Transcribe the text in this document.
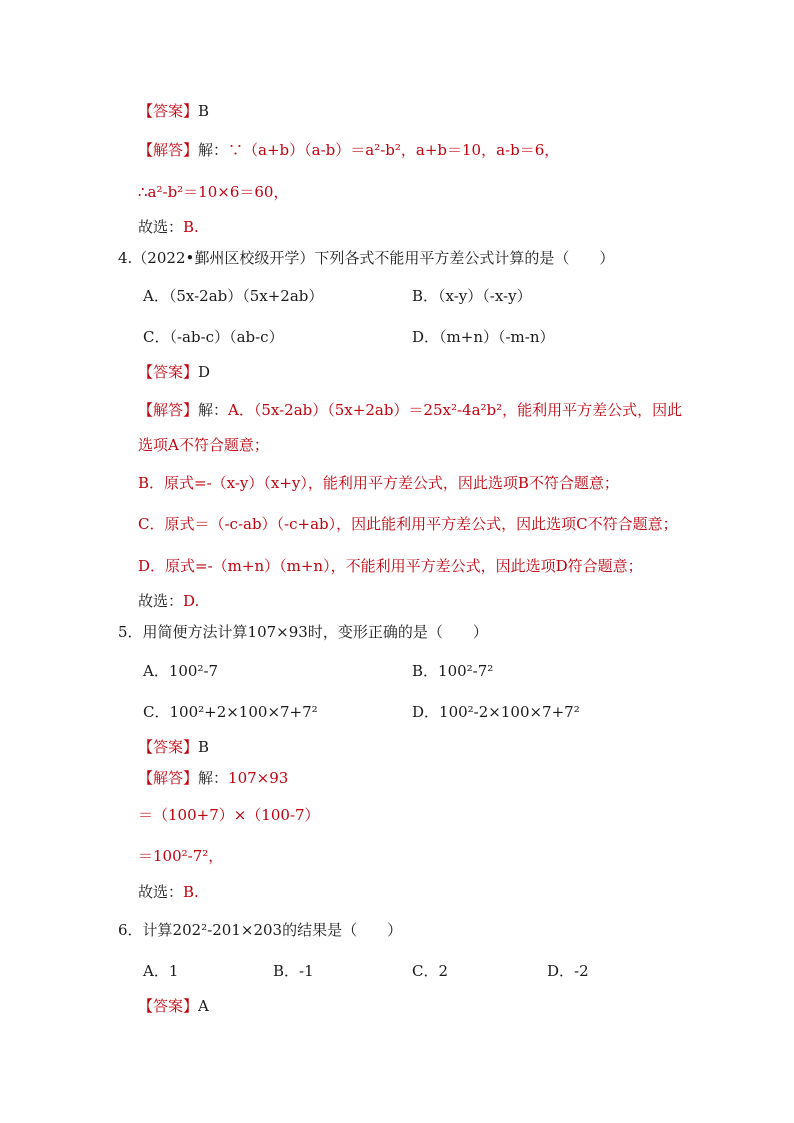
【答案】B
【解答】解：∵（a+b）（a-b）＝a²-b²，a+b＝10，a-b＝6，
∴a²-b²＝10×6＝60，
故选：B.
4.（2022•鄞州区校级开学）下列各式不能用平方差公式计算的是（　　）
A．（5x-2ab）（5x+2ab）	B．（x-y）（-x-y）
C．（-ab-c）（ab-c）	D．（m+n）（-m-n）
【答案】D
【解答】解：A．（5x-2ab）（5x+2ab）＝25x²-4a²b²，能利用平方差公式，因此
选项A不符合题意；
B．原式=-（x-y）（x+y），能利用平方差公式，因此选项B不符合题意；
C．原式＝（-c-ab）（-c+ab），因此能利用平方差公式，因此选项C不符合题意；
D．原式=-（m+n）（m+n），不能利用平方差公式，因此选项D符合题意；
故选：D.
5．用简便方法计算107×93时，变形正确的是（　　）
A．100²-7	B．100²-7²
C．100²+2×100×7+7²	D．100²-2×100×7+7²
【答案】B
【解答】解：107×93
＝（100+7）×（100-7）
＝100²-7²，
故选：B.
6．计算202²-201×203的结果是（　　）
A．1	B．-1	C．2	D．-2
【答案】A
